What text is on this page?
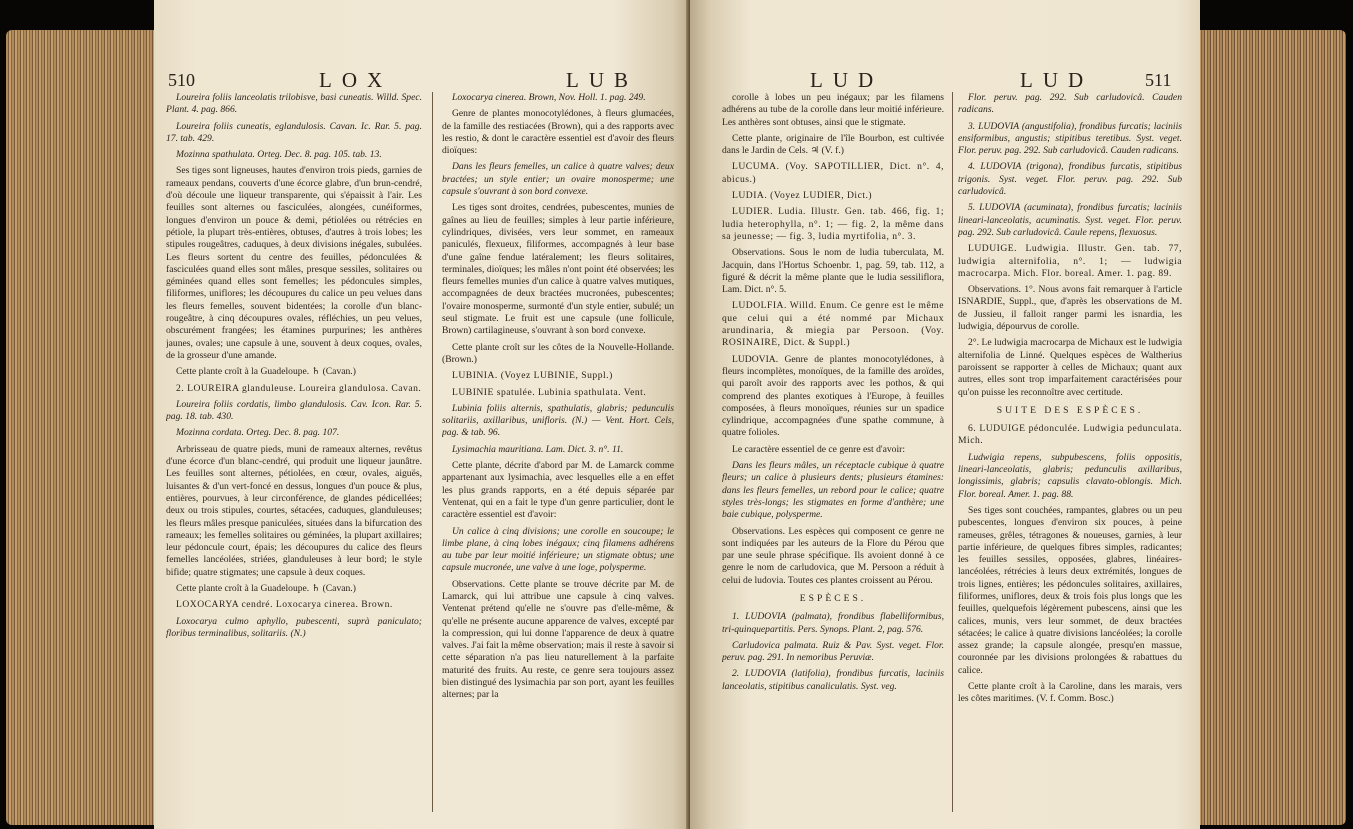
510	LOX	LUB

Loureira foliis lanceolatis trilobisve, basi cuneatis. Willd. Spec. Plant. 4. pag. 866.

Loureira foliis cuneatis, eglandulosis. Cavan. Ic. Rar. 5. pag. 17. tab. 429.

Mozinna spathulata. Orteg. Dec. 8. pag. 105. tab. 13.

Ses tiges sont ligneuses, hautes d'environ trois pieds, garnies de rameaux pendans, couverts d'une écorce glabre, d'un brun-cendré, d'où découle une liqueur transparente, qui s'épaissit à l'air. Les feuilles sont alternes ou fasciculées, alongées, cunéiformes, longues d'environ un pouce & demi, pétiolées ou rétrécies en pétiole, la plupart très-entières, obtuses, d'autres à trois lobes; les stipules rougeâtres, caduques, à deux divisions inégales, subulées. Les fleurs sortent du centre des feuilles, pédonculées & fasciculées quand elles sont mâles, presque sessiles, solitaires ou géminées quand elles sont femelles; les pédoncules simples, filiformes, uniflores; les découpures du calice un peu velues dans les fleurs femelles, souvent bidentées; la corolle d'un blanc-rougeâtre, à cinq découpures ovales, réfléchies, un peu velues, obscurément frangées; les étamines purpurines; les anthères jaunes, ovales; une capsule à une, souvent à deux coques, ovales, de la grosseur d'une amande.

Cette plante croît à la Guadeloupe. ♄ (Cavan.)

2. LOUREIRA glanduleuse. Loureira glandulosa. Cavan.

Loureira foliis cordatis, limbo glandulosis. Cav. Icon. Rar. 5. pag. 18. tab. 430.

Mozinna cordata. Orteg. Dec. 8. pag. 107.

Arbrisseau de quatre pieds, muni de rameaux alternes, revêtus d'une écorce d'un blanc-cendré, qui produit une liqueur jaunâtre. Les feuilles sont alternes, pétiolées, en cœur, ovales, aiguës, luisantes & d'un vert-foncé en dessus, longues d'un pouce & plus, entières, pourvues, à leur circonférence, de glandes pédicellées; deux ou trois stipules, courtes, sétacées, caduques, glanduleuses; les fleurs mâles presque paniculées, situées dans la bifurcation des rameaux; les femelles solitaires ou géminées, la plupart axillaires; leur pédoncule court, épais; les découpures du calice des fleurs femelles lancéolées, striées, glanduleuses à leur bord; le style bifide; quatre stigmates; une capsule à deux coques.

Cette plante croît à la Guadeloupe. ♄ (Cavan.)

LOXOCARYA cendré. Loxocarya cinerea. Brown.

Loxocarya culmo aphyllo, pubescenti, suprà paniculato; floribus terminalibus, solitariis. (N.)

Loxocarya cinerea. Brown, Nov. Holl. 1. pag. 249.

Genre de plantes monocotylédones, à fleurs glumacées, de la famille des restiacées (Brown), qui a des rapports avec les restio, & dont le caractère essentiel est d'avoir des fleurs dioïques:

Dans les fleurs femelles, un calice à quatre valves; deux bractées; un style entier; un ovaire monosperme; une capsule s'ouvrant à son bord convexe.

Les tiges sont droites, cendrées, pubescentes, munies de gaînes au lieu de feuilles; simples à leur partie inférieure, cylindriques, divisées, vers leur sommet, en rameaux paniculés, flexueux, filiformes, accompagnés à leur base d'une gaîne fendue latéralement; les fleurs solitaires, terminales, dioïques; les mâles n'ont point été observées; les fleurs femelles munies d'un calice à quatre valves mutiques, accompagnées de deux bractées mucronées, pubescentes; l'ovaire monosperme, surmonté d'un style entier, subulé; un seul stigmate. Le fruit est une capsule (une follicule, Brown) cartilagineuse, s'ouvrant à son bord convexe.

Cette plante croît sur les côtes de la Nouvelle-Hollande. (Brown.)

LUBINIA. (Voyez LUBINIE, Suppl.)

LUBINIE spatulée. Lubinia spathulata. Vent.

Lubinia foliis alternis, spathulatis, glabris; pedunculis solitariis, axillaribus, unifloris. (N.) — Vent. Hort. Cels, pag. & tab. 96.

Lysimachia mauritiana. Lam. Dict. 3. n°. 11.

Cette plante, décrite d'abord par M. de Lamarck comme appartenant aux lysimachia, avec lesquelles elle a en effet les plus grands rapports, en a été depuis séparée par Ventenat, qui en a fait le type d'un genre particulier, dont le caractère essentiel est d'avoir:

Un calice à cinq divisions; une corolle en soucoupe; le limbe plane, à cinq lobes inégaux; cinq filamens adhérens au tube par leur moitié inférieure; un stigmate obtus; une capsule mucronée, une valve à une loge, polysperme.

Observations. Cette plante se trouve décrite par M. de Lamarck, qui lui attribue une capsule à cinq valves. Ventenat prétend qu'elle ne s'ouvre pas d'elle-même, & qu'elle ne présente aucune apparence de valves, excepté par la compression, qui lui donne l'apparence de deux à quatre valves. J'ai fait la même observation; mais il reste à savoir si cette séparation n'a pas lieu naturellement à la parfaite maturité des fruits. Au reste, ce genre sera toujours assez bien distingué des lysimachia par son port, ayant les feuilles alternes; par la

LUD	LUD	511

corolle à lobes un peu inégaux; par les filamens adhérens au tube de la corolle dans leur moitié inférieure. Les anthères sont obtuses, ainsi que le stigmate.

Cette plante, originaire de l'île Bourbon, est cultivée dans le Jardin de Cels. ♃ (V. f.)

LUCUMA. (Voy. SAPOTILLIER, Dict. n°. 4, abicus.)

LUDIA. (Voyez LUDIER, Dict.)

LUDIER. Ludia. Illustr. Gen. tab. 466, fig. 1; ludia heterophylla, n°. 1; — fig. 2, la même dans sa jeunesse; — fig. 3, ludia myrtifolia, n°. 3.

Observations. Sous le nom de ludia tuberculata, M. Jacquin, dans l'Hortus Schoenbr. 1, pag. 59, tab. 112, a figuré & décrit la même plante que le ludia sessiliflora, Lam. Dict. n°. 5.

LUDOLFIA. Willd. Enum. Ce genre est le même que celui qui a été nommé par Michaux arundinaria, & miegia par Persoon. (Voy. ROSINAIRE, Dict. & Suppl.)

LUDOVIA. Genre de plantes monocotylédones, à fleurs incomplètes, monoïques, de la famille des aroïdes, qui paroît avoir des rapports avec les pothos, & qui comprend des plantes exotiques à l'Europe, à feuilles composées, à fleurs monoïques, réunies sur un spadice cylindrique, accompagnées d'une spathe commune, à quatre folioles.

Le caractère essentiel de ce genre est d'avoir:

Dans les fleurs mâles, un réceptacle cubique à quatre fleurs; un calice à plusieurs dents; plusieurs étamines: dans les fleurs femelles, un rebord pour le calice; quatre styles très-longs; les stigmates en forme d'anthère; une baie cubique, polysperme.

Observations. Les espèces qui composent ce genre ne sont indiquées par les auteurs de la Flore du Pérou que par une seule phrase spécifique. Ils avoient donné à ce genre le nom de carludovica, que M. Persoon a réduit à celui de ludovia. Toutes ces plantes croissent au Pérou.

ESPÈCES.

1. LUDOVIA (palmata), frondibus flabelliformibus, tri-quinquepartitis. Pers. Synops. Plant. 2, pag. 576.

Carludovica palmata. Ruiz & Pav. Syst. veget. Flor. peruv. pag. 291. In nemoribus Peruviæ.

2. LUDOVIA (latifolia), frondibus furcatis, laciniis lanceolatis, stipitibus canaliculatis. Syst. veg.

Flor. peruv. pag. 292. Sub carludovicâ. Cauden radicans.

3. LUDOVIA (angustifolia), frondibus furcatis; laciniis ensiformibus, angustis; stipitibus teretibus. Syst. veget. Flor. peruv. pag. 292. Sub carludovicâ. Cauden radicans.

4. LUDOVIA (trigona), frondibus furcatis, stipitibus trigonis. Syst. veget. Flor. peruv. pag. 292. Sub carludovicâ.

5. LUDOVIA (acuminata), frondibus furcatis; laciniis lineari-lanceolatis, acuminatis. Syst. veget. Flor. peruv. pag. 292. Sub carludovicâ. Caule repens, flexuosus.

LUDUIGE. Ludwigia. Illustr. Gen. tab. 77, ludwigia alternifolia, n°. 1; — ludwigia macrocarpa. Mich. Flor. boreal. Amer. 1. pag. 89.

Observations. 1°. Nous avons fait remarquer à l'article ISNARDIE, Suppl., que, d'après les observations de M. de Jussieu, il falloit ranger parmi les isnardia, les ludwigia, dépourvus de corolle.

2°. Le ludwigia macrocarpa de Michaux est le ludwigia alternifolia de Linné. Quelques espèces de Waltherius paroissent se rapporter à celles de Michaux; quant aux autres, elles sont trop imparfaitement caractérisées pour qu'on puisse les reconnoître avec certitude.

SUITE DES ESPÈCES.

6. LUDUIGE pédonculée. Ludwigia pedunculata. Mich.

Ludwigia repens, subpubescens, foliis oppositis, lineari-lanceolatis, glabris; pedunculis axillaribus, longissimis, glabris; capsulis clavato-oblongis. Mich. Flor. boreal. Amer. 1. pag. 88.

Ses tiges sont couchées, rampantes, glabres ou un peu pubescentes, longues d'environ six pouces, à peine rameuses, grêles, tétragones & noueuses, garnies, à leur partie inférieure, de quelques fibres simples, radicantes; les feuilles sessiles, opposées, glabres, linéaires-lancéolées, rétrécies à leurs deux extrémités, longues de trois lignes, entières; les pédoncules solitaires, axillaires, filiformes, uniflores, deux & trois fois plus longs que les feuilles, quelquefois légèrement pubescens, ainsi que les calices, munis, vers leur sommet, de deux bractées sétacées; le calice à quatre divisions lancéolées; la corolle assez grande; la capsule alongée, presqu'en massue, couronnée par les divisions prolongées & rabattues du calice.

Cette plante croît à la Caroline, dans les marais, vers les côtes maritimes. (V. f. Comm. Bosc.)
